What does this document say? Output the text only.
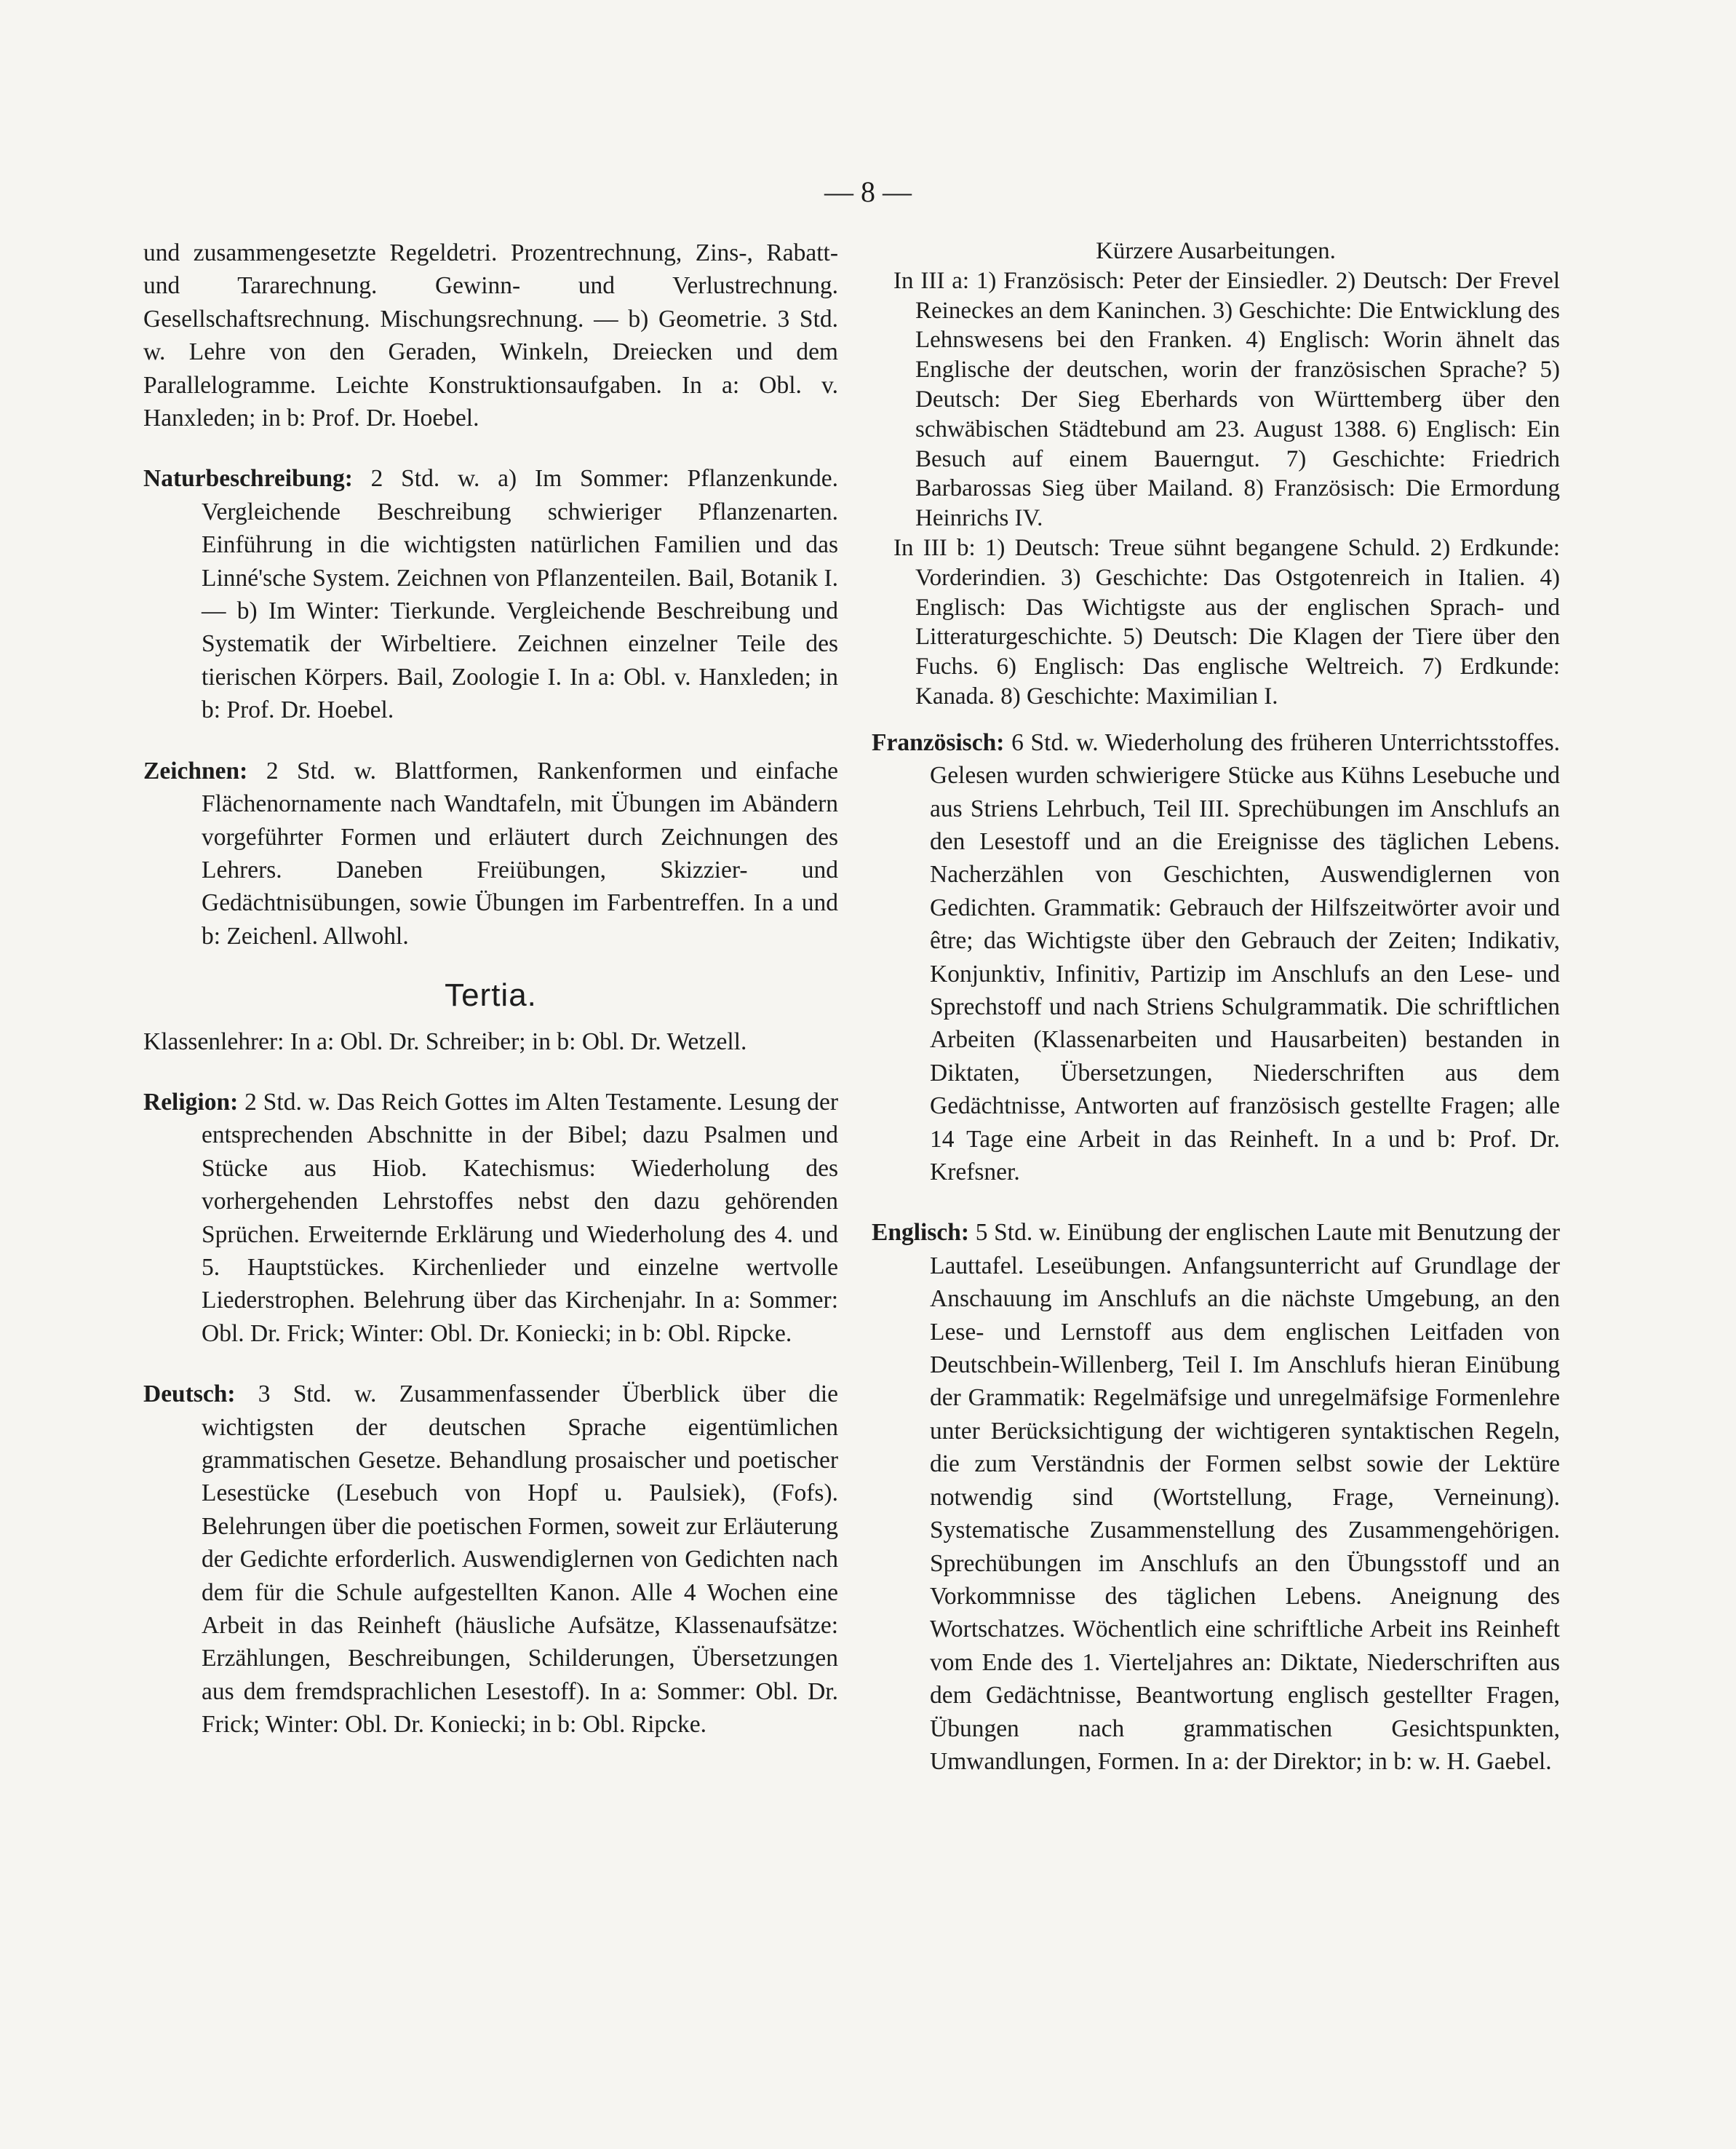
— 8 —

und zusammengesetzte Regeldetri. Prozentrechnung, Zins-, Rabatt- und Tararechnung. Gewinn- und Verlustrechnung. Gesellschaftsrechnung. Mischungsrechnung. — b) Geometrie. 3 Std. w. Lehre von den Geraden, Winkeln, Dreiecken und dem Parallelogramme. Leichte Konstruktionsaufgaben. In a: Obl. v. Hanxleden; in b: Prof. Dr. Hoebel.

Naturbeschreibung: 2 Std. w. a) Im Sommer: Pflanzenkunde. Vergleichende Beschreibung schwieriger Pflanzenarten. Einführung in die wichtigsten natürlichen Familien und das Linné'sche System. Zeichnen von Pflanzenteilen. Bail, Botanik I. — b) Im Winter: Tierkunde. Vergleichende Beschreibung und Systematik der Wirbeltiere. Zeichnen einzelner Teile des tierischen Körpers. Bail, Zoologie I. In a: Obl. v. Hanxleden; in b: Prof. Dr. Hoebel.

Zeichnen: 2 Std. w. Blattformen, Rankenformen und einfache Flächenornamente nach Wandtafeln, mit Übungen im Abändern vorgeführter Formen und erläutert durch Zeichnungen des Lehrers. Daneben Freiübungen, Skizzier- und Gedächtnisübungen, sowie Übungen im Farbentreffen. In a und b: Zeichenl. Allwohl.

Tertia.

Klassenlehrer: In a: Obl. Dr. Schreiber; in b: Obl. Dr. Wetzell.

Religion: 2 Std. w. Das Reich Gottes im Alten Testamente. Lesung der entsprechenden Abschnitte in der Bibel; dazu Psalmen und Stücke aus Hiob. Katechismus: Wiederholung des vorhergehenden Lehrstoffes nebst den dazu gehörenden Sprüchen. Erweiternde Erklärung und Wiederholung des 4. und 5. Hauptstückes. Kirchenlieder und einzelne wertvolle Liederstrophen. Belehrung über das Kirchenjahr. In a: Sommer: Obl. Dr. Frick; Winter: Obl. Dr. Koniecki; in b: Obl. Ripcke.

Deutsch: 3 Std. w. Zusammenfassender Überblick über die wichtigsten der deutschen Sprache eigentümlichen grammatischen Gesetze. Behandlung prosaischer und poetischer Lesestücke (Lesebuch von Hopf u. Paulsiek), (Fofs). Belehrungen über die poetischen Formen, soweit zur Erläuterung der Gedichte erforderlich. Auswendiglernen von Gedichten nach dem für die Schule aufgestellten Kanon. Alle 4 Wochen eine Arbeit in das Reinheft (häusliche Aufsätze, Klassenaufsätze: Erzählungen, Beschreibungen, Schilderungen, Übersetzungen aus dem fremdsprachlichen Lesestoff). In a: Sommer: Obl. Dr. Frick; Winter: Obl. Dr. Koniecki; in b: Obl. Ripcke.

Kürzere Ausarbeitungen.

In III a: 1) Französisch: Peter der Einsiedler. 2) Deutsch: Der Frevel Reineckes an dem Kaninchen. 3) Geschichte: Die Entwicklung des Lehnswesens bei den Franken. 4) Englisch: Worin ähnelt das Englische der deutschen, worin der französischen Sprache? 5) Deutsch: Der Sieg Eberhards von Württemberg über den schwäbischen Städtebund am 23. August 1388. 6) Englisch: Ein Besuch auf einem Bauerngut. 7) Geschichte: Friedrich Barbarossas Sieg über Mailand. 8) Französisch: Die Ermordung Heinrichs IV.

In III b: 1) Deutsch: Treue sühnt begangene Schuld. 2) Erdkunde: Vorderindien. 3) Geschichte: Das Ostgotenreich in Italien. 4) Englisch: Das Wichtigste aus der englischen Sprach- und Litteraturgeschichte. 5) Deutsch: Die Klagen der Tiere über den Fuchs. 6) Englisch: Das englische Weltreich. 7) Erdkunde: Kanada. 8) Geschichte: Maximilian I.

Französisch: 6 Std. w. Wiederholung des früheren Unterrichtsstoffes. Gelesen wurden schwierigere Stücke aus Kühns Lesebuche und aus Striens Lehrbuch, Teil III. Sprechübungen im Anschlufs an den Lesestoff und an die Ereignisse des täglichen Lebens. Nacherzählen von Geschichten, Auswendiglernen von Gedichten. Grammatik: Gebrauch der Hilfszeitwörter avoir und être; das Wichtigste über den Gebrauch der Zeiten; Indikativ, Konjunktiv, Infinitiv, Partizip im Anschlufs an den Lese- und Sprechstoff und nach Striens Schulgrammatik. Die schriftlichen Arbeiten (Klassenarbeiten und Hausarbeiten) bestanden in Diktaten, Übersetzungen, Niederschriften aus dem Gedächtnisse, Antworten auf französisch gestellte Fragen; alle 14 Tage eine Arbeit in das Reinheft. In a und b: Prof. Dr. Krefsner.

Englisch: 5 Std. w. Einübung der englischen Laute mit Benutzung der Lauttafel. Leseübungen. Anfangsunterricht auf Grundlage der Anschauung im Anschlufs an die nächste Umgebung, an den Lese- und Lernstoff aus dem englischen Leitfaden von Deutschbein-Willenberg, Teil I. Im Anschlufs hieran Einübung der Grammatik: Regelmäfsige und unregelmäfsige Formenlehre unter Berücksichtigung der wichtigeren syntaktischen Regeln, die zum Verständnis der Formen selbst sowie der Lektüre notwendig sind (Wortstellung, Frage, Verneinung). Systematische Zusammenstellung des Zusammengehörigen. Sprechübungen im Anschlufs an den Übungsstoff und an Vorkommnisse des täglichen Lebens. Aneignung des Wortschatzes. Wöchentlich eine schriftliche Arbeit ins Reinheft vom Ende des 1. Vierteljahres an: Diktate, Niederschriften aus dem Gedächtnisse, Beantwortung englisch gestellter Fragen, Übungen nach grammatischen Gesichtspunkten, Umwandlungen, Formen. In a: der Direktor; in b: w. H. Gaebel.
